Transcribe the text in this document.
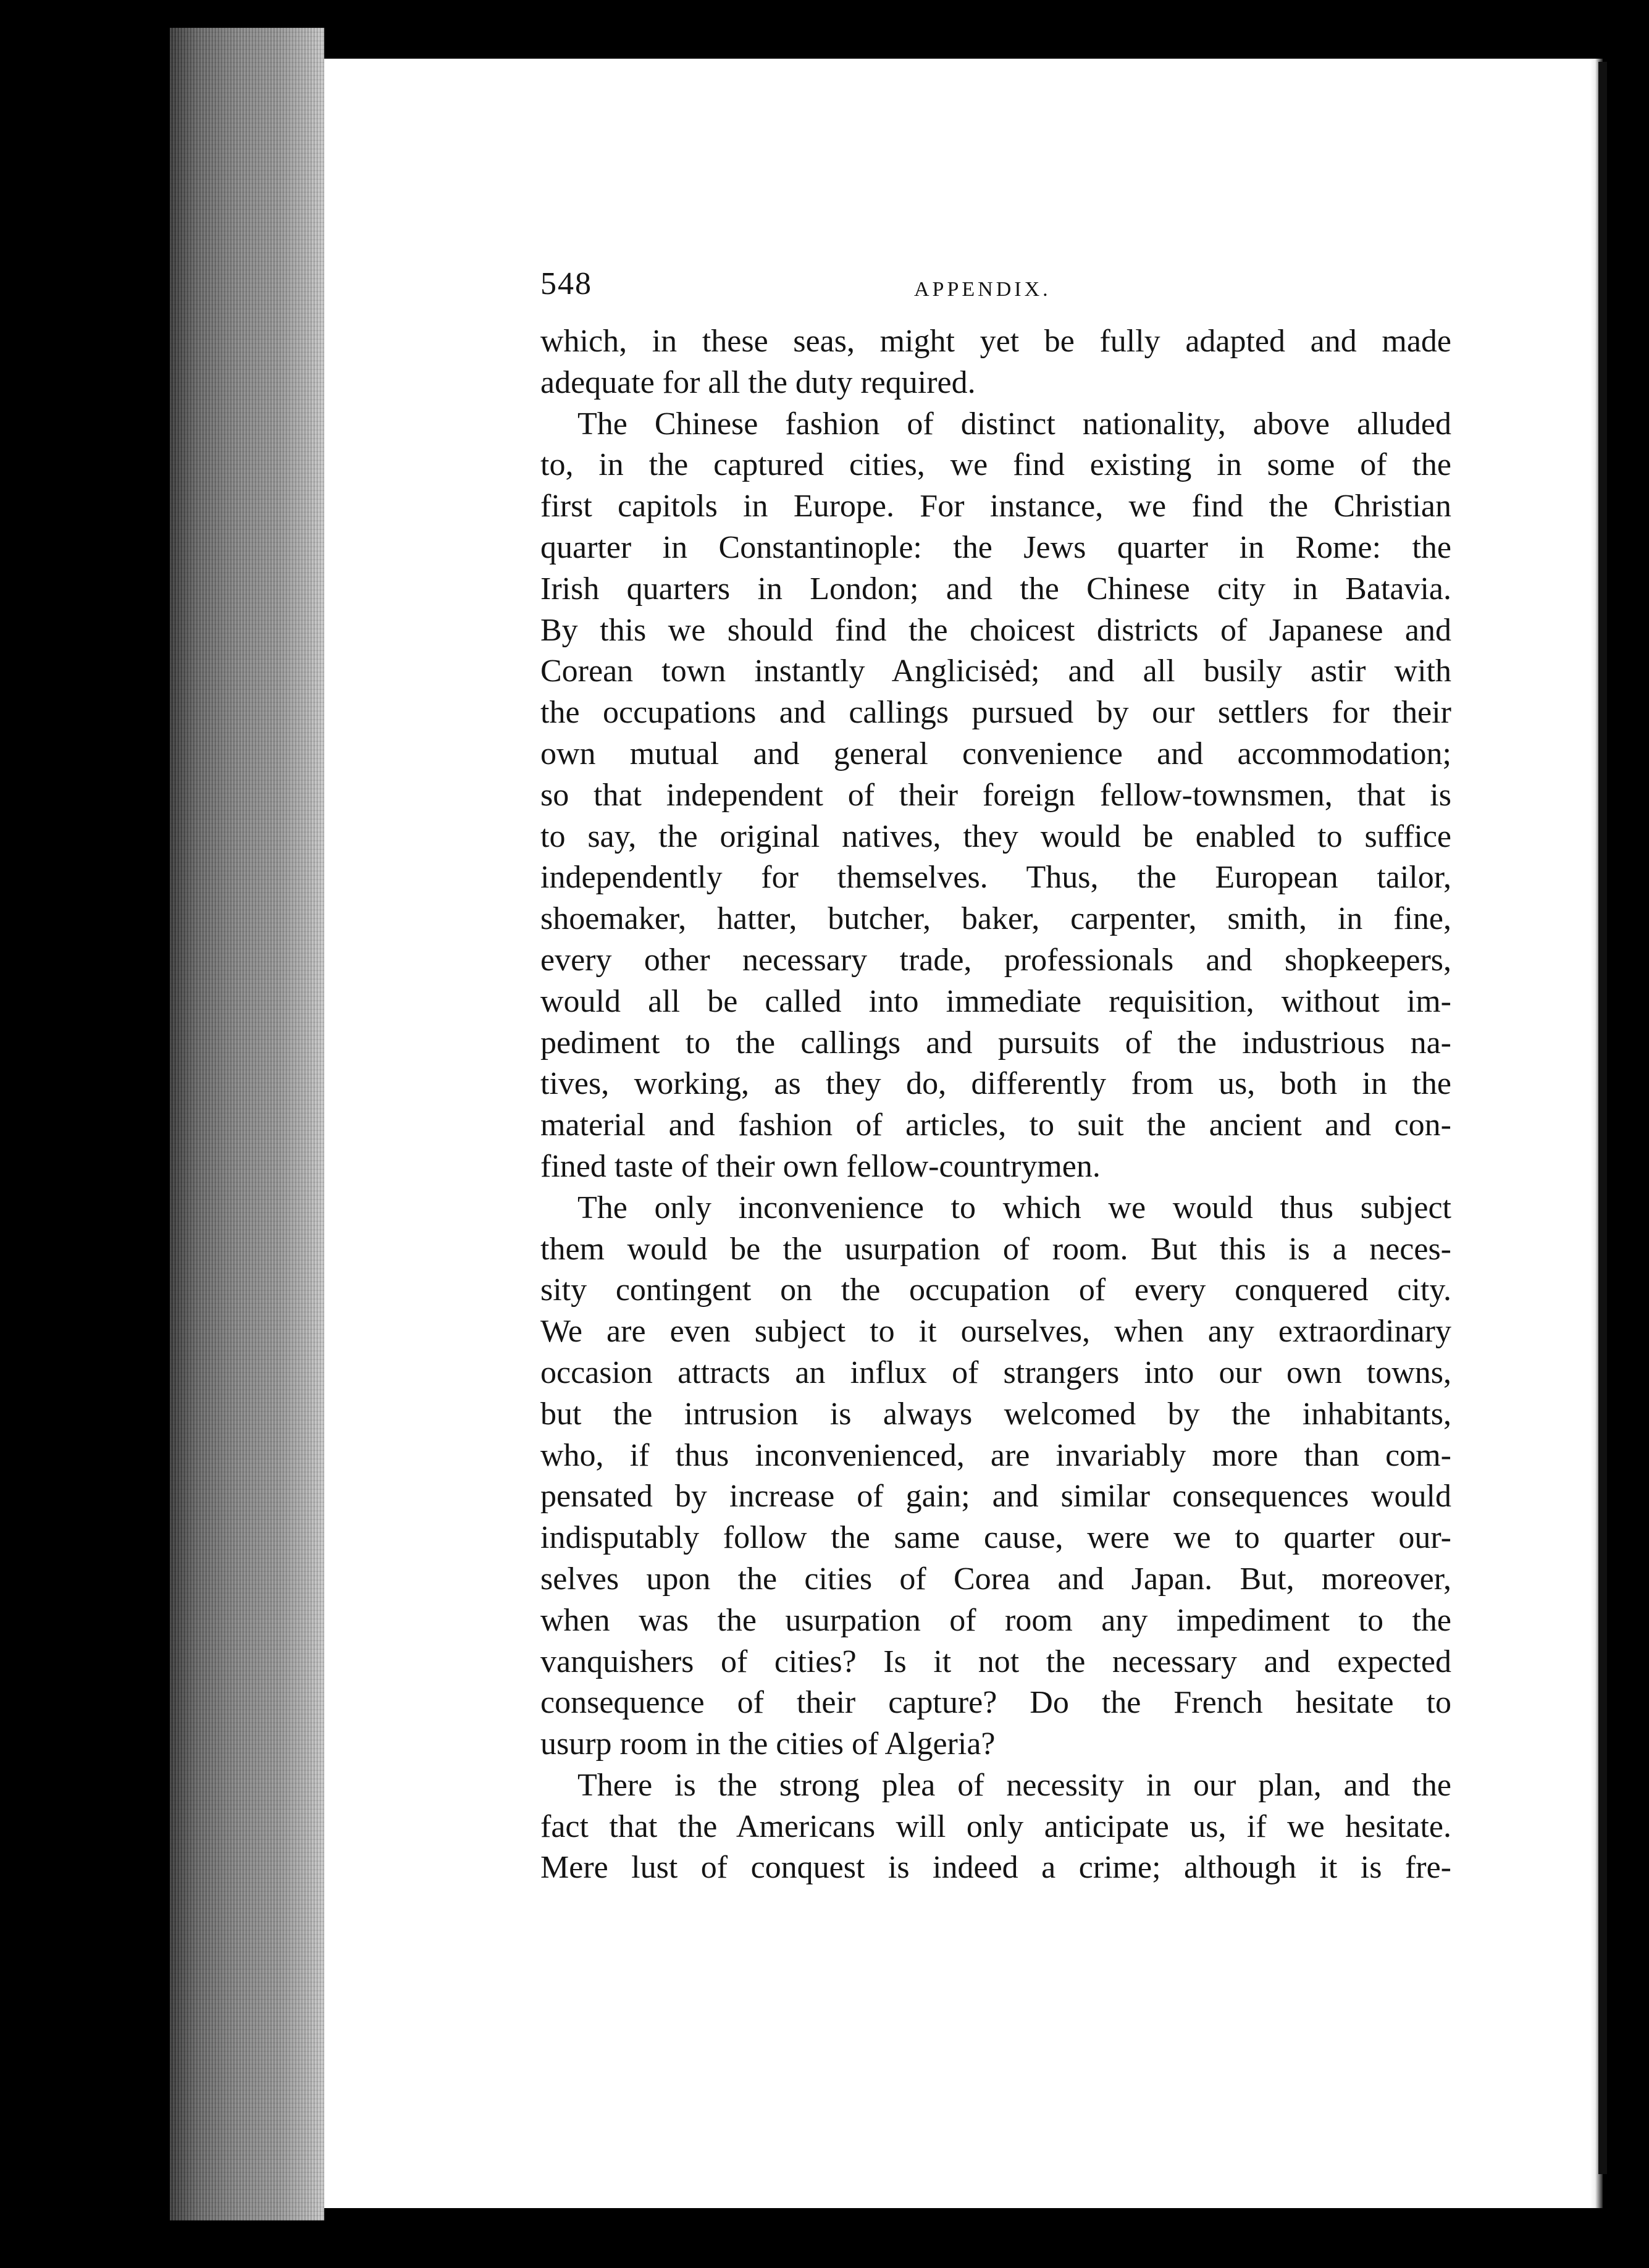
548	APPENDIX.
which, in these seas, might yet be fully adapted and made
adequate for all the duty required.
The Chinese fashion of distinct nationality, above alluded
to, in the captured cities, we find existing in some of the
first capitols in Europe. For instance, we find the Christian
quarter in Constantinople: the Jews quarter in Rome: the
Irish quarters in London; and the Chinese city in Batavia.
By this we should find the choicest districts of Japanese and
Corean town instantly Anglicisėd; and all busily astir with
the occupations and callings pursued by our settlers for their
own mutual and general convenience and accommodation;
so that independent of their foreign fellow-townsmen, that is
to say, the original natives, they would be enabled to suffice
independently for themselves. Thus, the European tailor,
shoemaker, hatter, butcher, baker, carpenter, smith, in fine,
every other necessary trade, professionals and shopkeepers,
would all be called into immediate requisition, without im-
pediment to the callings and pursuits of the industrious na-
tives, working, as they do, differently from us, both in the
material and fashion of articles, to suit the ancient and con-
fined taste of their own fellow-countrymen.
The only inconvenience to which we would thus subject
them would be the usurpation of room. But this is a neces-
sity contingent on the occupation of every conquered city.
We are even subject to it ourselves, when any extraordinary
occasion attracts an influx of strangers into our own towns,
but the intrusion is always welcomed by the inhabitants,
who, if thus inconvenienced, are invariably more than com-
pensated by increase of gain; and similar consequences would
indisputably follow the same cause, were we to quarter our-
selves upon the cities of Corea and Japan. But, moreover,
when was the usurpation of room any impediment to the
vanquishers of cities? Is it not the necessary and expected
consequence of their capture? Do the French hesitate to
usurp room in the cities of Algeria?
There is the strong plea of necessity in our plan, and the
fact that the Americans will only anticipate us, if we hesitate.
Mere lust of conquest is indeed a crime; although it is fre-
